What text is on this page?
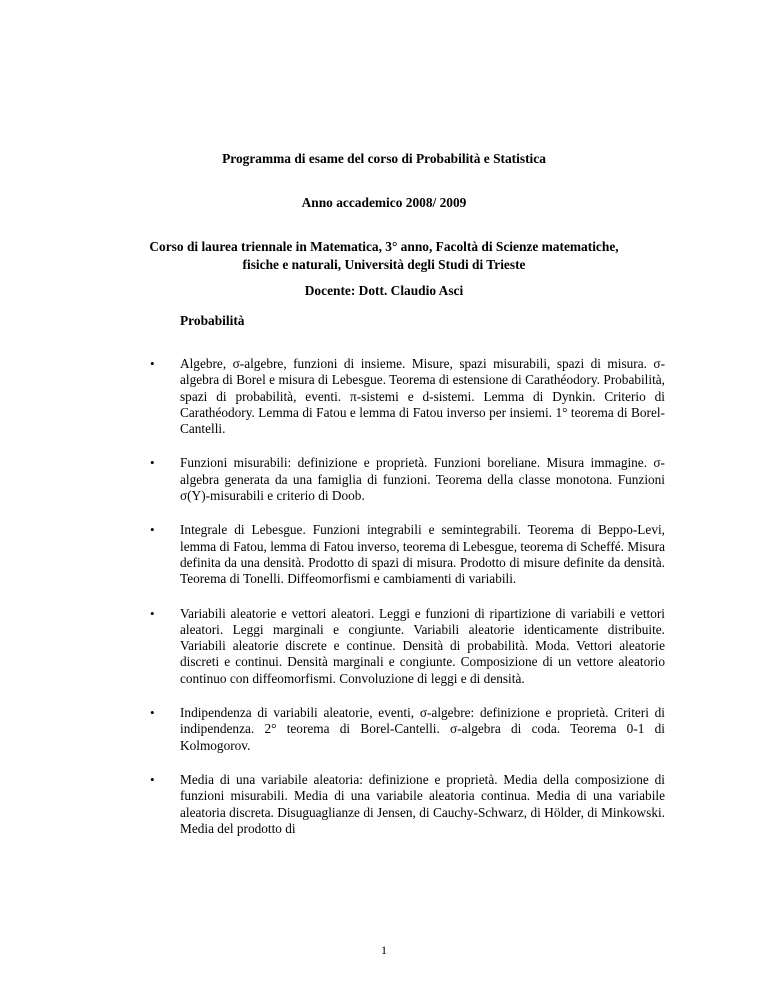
Programma di esame del corso di Probabilità e Statistica
Anno accademico 2008/ 2009
Corso di laurea triennale in Matematica, 3° anno, Facoltà di Scienze matematiche,
fisiche e naturali, Università degli Studi di Trieste
Docente: Dott. Claudio Asci
Probabilità
• Algebre, σ-algebre, funzioni di insieme. Misure, spazi misurabili, spazi di misura. σ-algebra di Borel e misura di Lebesgue. Teorema di estensione di Carathéodory. Probabilità, spazi di probabilità, eventi. π-sistemi e d-sistemi. Lemma di Dynkin. Criterio di Carathéodory. Lemma di Fatou e lemma di Fatou inverso per insiemi. 1° teorema di Borel-Cantelli.
• Funzioni misurabili: definizione e proprietà. Funzioni boreliane. Misura immagine. σ-algebra generata da una famiglia di funzioni. Teorema della classe monotona. Funzioni σ(Y)-misurabili e criterio di Doob.
• Integrale di Lebesgue. Funzioni integrabili e semintegrabili. Teorema di Beppo-Levi, lemma di Fatou, lemma di Fatou inverso, teorema di Lebesgue, teorema di Scheffé. Misura definita da una densità. Prodotto di spazi di misura. Prodotto di misure definite da densità. Teorema di Tonelli. Diffeomorfismi e cambiamenti di variabili.
• Variabili aleatorie e vettori aleatori. Leggi e funzioni di ripartizione di variabili e vettori aleatori. Leggi marginali e congiunte. Variabili aleatorie identicamente distribuite. Variabili aleatorie discrete e continue. Densità di probabilità. Moda. Vettori aleatorie discreti e continui. Densità marginali e congiunte. Composizione di un vettore aleatorio continuo con diffeomorfismi. Convoluzione di leggi e di densità.
• Indipendenza di variabili aleatorie, eventi, σ-algebre: definizione e proprietà. Criteri di indipendenza. 2° teorema di Borel-Cantelli. σ-algebra di coda. Teorema 0-1 di Kolmogorov.
• Media di una variabile aleatoria: definizione e proprietà. Media della composizione di funzioni misurabili. Media di una variabile aleatoria continua. Media di una variabile aleatoria discreta. Disuguaglianze di Jensen, di Cauchy-Schwarz, di Hölder, di Minkowski. Media del prodotto di
1
